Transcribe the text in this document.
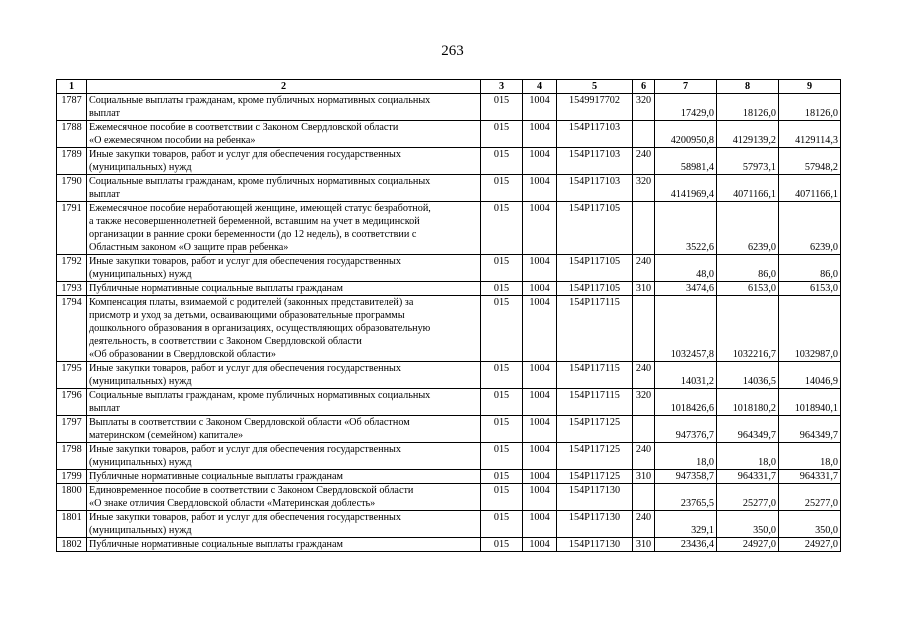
263
1	2	3	4	5	6	7	8	9
1787	Социальные выплаты гражданам, кроме публичных нормативных социальных
выплат	015	1004	1549917702	320	17429,0	18126,0	18126,0
1788	Ежемесячное пособие в соответствии с Законом Свердловской области
«О ежемесячном пособии на ребенка»	015	1004	154Р117103		4200950,8	4129139,2	4129114,3
1789	Иные закупки товаров, работ и услуг для обеспечения государственных
(муниципальных) нужд	015	1004	154Р117103	240	58981,4	57973,1	57948,2
1790	Социальные выплаты гражданам, кроме публичных нормативных социальных
выплат	015	1004	154Р117103	320	4141969,4	4071166,1	4071166,1
1791	Ежемесячное пособие неработающей женщине, имеющей статус безработной,
а также несовершеннолетней беременной, вставшим на учет в медицинской
организации в ранние сроки беременности (до 12 недель), в соответствии с
Областным законом «О защите прав ребенка»	015	1004	154Р117105		3522,6	6239,0	6239,0
1792	Иные закупки товаров, работ и услуг для обеспечения государственных
(муниципальных) нужд	015	1004	154Р117105	240	48,0	86,0	86,0
1793	Публичные нормативные социальные выплаты гражданам	015	1004	154Р117105	310	3474,6	6153,0	6153,0
1794	Компенсация платы, взимаемой с родителей (законных представителей) за
присмотр и уход за детьми, осваивающими образовательные программы
дошкольного образования в организациях, осуществляющих образовательную
деятельность, в соответствии с Законом Свердловской области
«Об образовании в Свердловской области»	015	1004	154Р117115		1032457,8	1032216,7	1032987,0
1795	Иные закупки товаров, работ и услуг для обеспечения государственных
(муниципальных) нужд	015	1004	154Р117115	240	14031,2	14036,5	14046,9
1796	Социальные выплаты гражданам, кроме публичных нормативных социальных
выплат	015	1004	154Р117115	320	1018426,6	1018180,2	1018940,1
1797	Выплаты в соответствии с Законом Свердловской области «Об областном
материнском (семейном) капитале»	015	1004	154Р117125		947376,7	964349,7	964349,7
1798	Иные закупки товаров, работ и услуг для обеспечения государственных
(муниципальных) нужд	015	1004	154Р117125	240	18,0	18,0	18,0
1799	Публичные нормативные социальные выплаты гражданам	015	1004	154Р117125	310	947358,7	964331,7	964331,7
1800	Единовременное пособие в соответствии с Законом Свердловской области
«О знаке отличия Свердловской области «Материнская доблесть»	015	1004	154Р117130		23765,5	25277,0	25277,0
1801	Иные закупки товаров, работ и услуг для обеспечения государственных
(муниципальных) нужд	015	1004	154Р117130	240	329,1	350,0	350,0
1802	Публичные нормативные социальные выплаты гражданам	015	1004	154Р117130	310	23436,4	24927,0	24927,0
